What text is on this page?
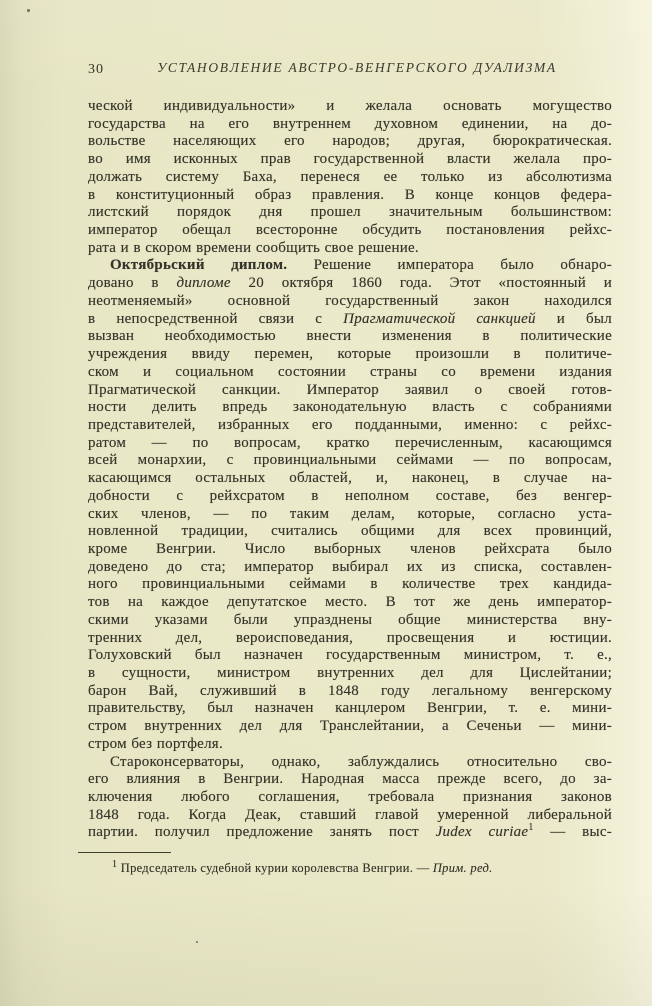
30	УСТАНОВЛЕНИЕ АВСТРО-ВЕНГЕРСКОГО ДУАЛИЗМА
ческой индивидуальности» и желала основать могущество
государства на его внутреннем духовном единении, на до-
вольстве населяющих его народов; другая, бюрократическая.
во имя исконных прав государственной власти желала про-
должать систему Баха, перенеся ее только из абсолютизма
в конституционный образ правления. В конце концов федера-
листский порядок дня прошел значительным большинством:
император обещал всесторонне обсудить постановления рейхс-
рата и в скором времени сообщить свое решение.
Октябрьский диплом. Решение императора было обнаро-
довано в дипломе 20 октября 1860 года. Этот «постоянный и
неотменяемый» основной государственный закон находился
в непосредственной связи с Прагматической санкцией и был
вызван необходимостью внести изменения в политические
учреждения ввиду перемен, которые произошли в политиче-
ском и социальном состоянии страны со времени издания
Прагматической санкции. Император заявил о своей готов-
ности делить впредь законодательную власть с собраниями
представителей, избранных его подданными, именно: с рейхс-
ратом — по вопросам, кратко перечисленным, касающимся
всей монархии, с провинциальными сеймами — по вопросам,
касающимся остальных областей, и, наконец, в случае на-
добности с рейхсратом в неполном составе, без венгер-
ских членов, — по таким делам, которые, согласно уста-
новленной традиции, считались общими для всех провинций,
кроме Венгрии. Число выборных членов рейхсрата было
доведено до ста; император выбирал их из списка, составлен-
ного провинциальными сеймами в количестве трех кандида-
тов на каждое депутатское место. В тот же день император-
скими указами были упразднены общие министерства вну-
тренних дел, вероисповедания, просвещения и юстиции.
Голуховский был назначен государственным министром, т. е.,
в сущности, министром внутренних дел для Цислейтании;
барон Вай, служивший в 1848 году легальному венгерскому
правительству, был назначен канцлером Венгрии, т. е. мини-
стром внутренних дел для Транслейтании, а Сеченьи — мини-
стром без портфеля.
Староконсерваторы, однако, заблуждались относительно сво-
его влияния в Венгрии. Народная масса прежде всего, до за-
ключения любого соглашения, требовала признания законов
1848 года. Когда Деак, ставший главой умеренной либеральной
партии. получил предложение занять пост Judex curiae$^1$ — выс-
$^1$ Председатель судебной курии королевства Венгрии. — Прим. ред.
